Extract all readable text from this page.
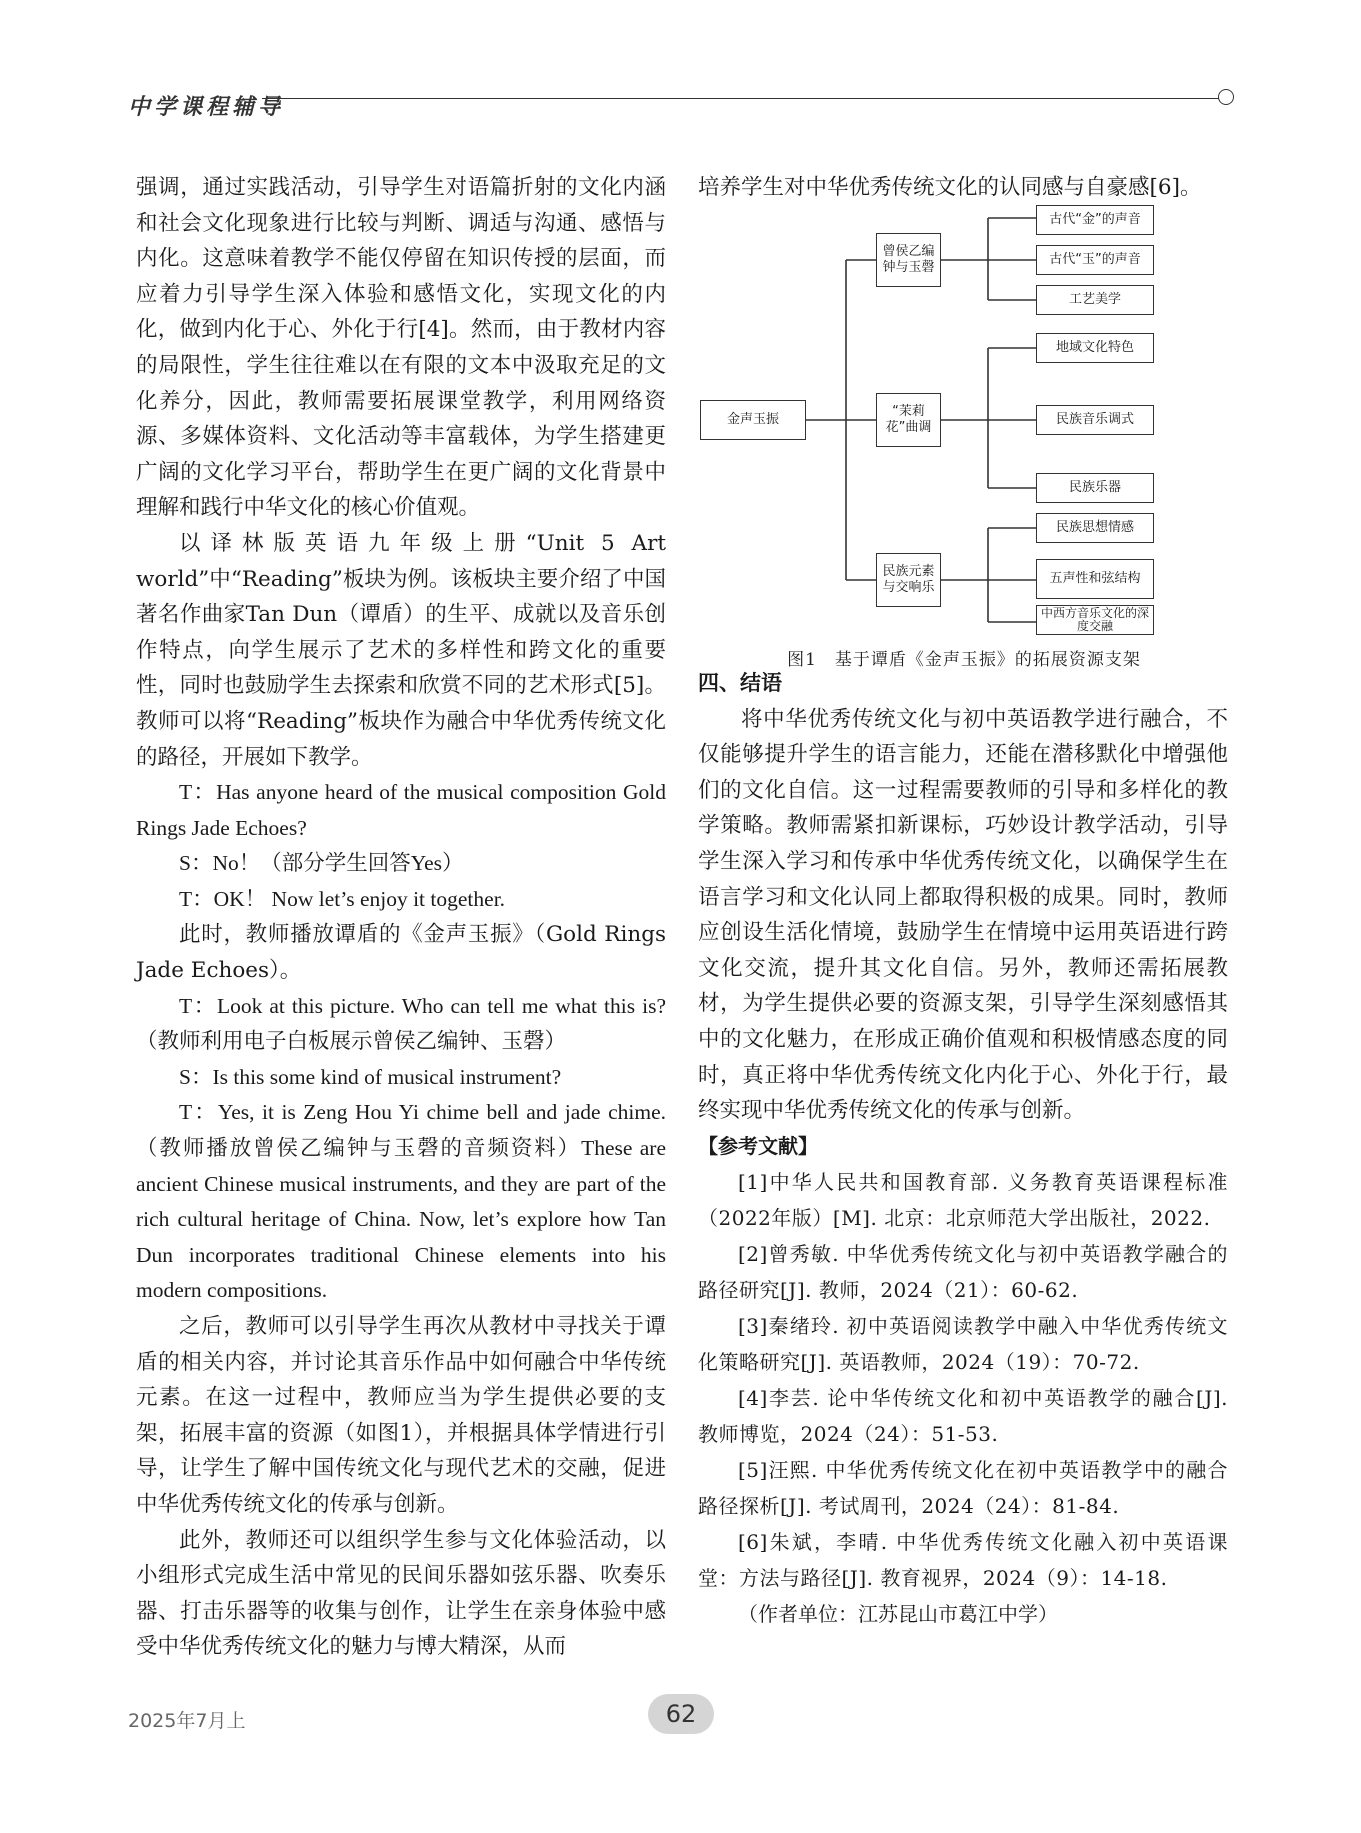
中学课程辅导

强调，通过实践活动，引导学生对语篇折射的文化内涵和社会文化现象进行比较与判断、调适与沟通、感悟与内化。这意味着教学不能仅停留在知识传授的层面，而应着力引导学生深入体验和感悟文化，实现文化的内化，做到内化于心、外化于行[4]。然而，由于教材内容的局限性，学生往往难以在有限的文本中汲取充足的文化养分，因此，教师需要拓展课堂教学，利用网络资源、多媒体资料、文化活动等丰富载体，为学生搭建更广阔的文化学习平台，帮助学生在更广阔的文化背景中理解和践行中华文化的核心价值观。

以译林版英语九年级上册“Unit 5 Art world”中“Reading”板块为例。该板块主要介绍了中国著名作曲家Tan Dun（谭盾）的生平、成就以及音乐创作特点，向学生展示了艺术的多样性和跨文化的重要性，同时也鼓励学生去探索和欣赏不同的艺术形式[5]。教师可以将“Reading”板块作为融合中华优秀传统文化的路径，开展如下教学。

T：Has anyone heard of the musical composition Gold Rings Jade Echoes?

S：No！（部分学生回答Yes）

T：OK！ Now let’s enjoy it together.

此时，教师播放谭盾的《金声玉振》（Gold Rings Jade Echoes）。

T：Look at this picture. Who can tell me what this is?（教师利用电子白板展示曾侯乙编钟、玉磬）

S：Is this some kind of musical instrument?

T：Yes, it is Zeng Hou Yi chime bell and jade chime.（教师播放曾侯乙编钟与玉磬的音频资料）These are ancient Chinese musical instruments, and they are part of the rich cultural heritage of China. Now, let’s explore how Tan Dun incorporates traditional Chinese elements into his modern compositions.

之后，教师可以引导学生再次从教材中寻找关于谭盾的相关内容，并讨论其音乐作品中如何融合中华传统元素。在这一过程中，教师应当为学生提供必要的支架，拓展丰富的资源（如图1），并根据具体学情进行引导，让学生了解中国传统文化与现代艺术的交融，促进中华优秀传统文化的传承与创新。

此外，教师还可以组织学生参与文化体验活动，以小组形式完成生活中常见的民间乐器如弦乐器、吹奏乐器、打击乐器等的收集与创作，让学生在亲身体验中感受中华优秀传统文化的魅力与博大精深，从而

培养学生对中华优秀传统文化的认同感与自豪感[6]。

金声玉振
曾侯乙编钟与玉磬
“茉莉花”曲调
民族元素与交响乐
古代“金”的声音
古代“玉”的声音
工艺美学
地域文化特色
民族音乐调式
民族乐器
民族思想情感
五声性和弦结构
中西方音乐文化的深度交融
图1　基于谭盾《金声玉振》的拓展资源支架

四、结语

将中华优秀传统文化与初中英语教学进行融合，不仅能够提升学生的语言能力，还能在潜移默化中增强他们的文化自信。这一过程需要教师的引导和多样化的教学策略。教师需紧扣新课标，巧妙设计教学活动，引导学生深入学习和传承中华优秀传统文化，以确保学生在语言学习和文化认同上都取得积极的成果。同时，教师应创设生活化情境，鼓励学生在情境中运用英语进行跨文化交流，提升其文化自信。另外，教师还需拓展教材，为学生提供必要的资源支架，引导学生深刻感悟其中的文化魅力，在形成正确价值观和积极情感态度的同时，真正将中华优秀传统文化内化于心、外化于行，最终实现中华优秀传统文化的传承与创新。

【参考文献】

[1]中华人民共和国教育部. 义务教育英语课程标准（2022年版）[M]. 北京：北京师范大学出版社，2022.

[2]曾秀敏. 中华优秀传统文化与初中英语教学融合的路径研究[J]. 教师，2024（21）：60-62.

[3]秦绪玲. 初中英语阅读教学中融入中华优秀传统文化策略研究[J]. 英语教师，2024（19）：70-72.

[4]李芸. 论中华传统文化和初中英语教学的融合[J]. 教师博览，2024（24）：51-53.

[5]汪熙. 中华优秀传统文化在初中英语教学中的融合路径探析[J]. 考试周刊，2024（24）：81-84.

[6]朱斌，李晴. 中华优秀传统文化融入初中英语课堂：方法与路径[J]. 教育视界，2024（9）：14-18.

（作者单位：江苏昆山市葛江中学）

2025年7月上	62
